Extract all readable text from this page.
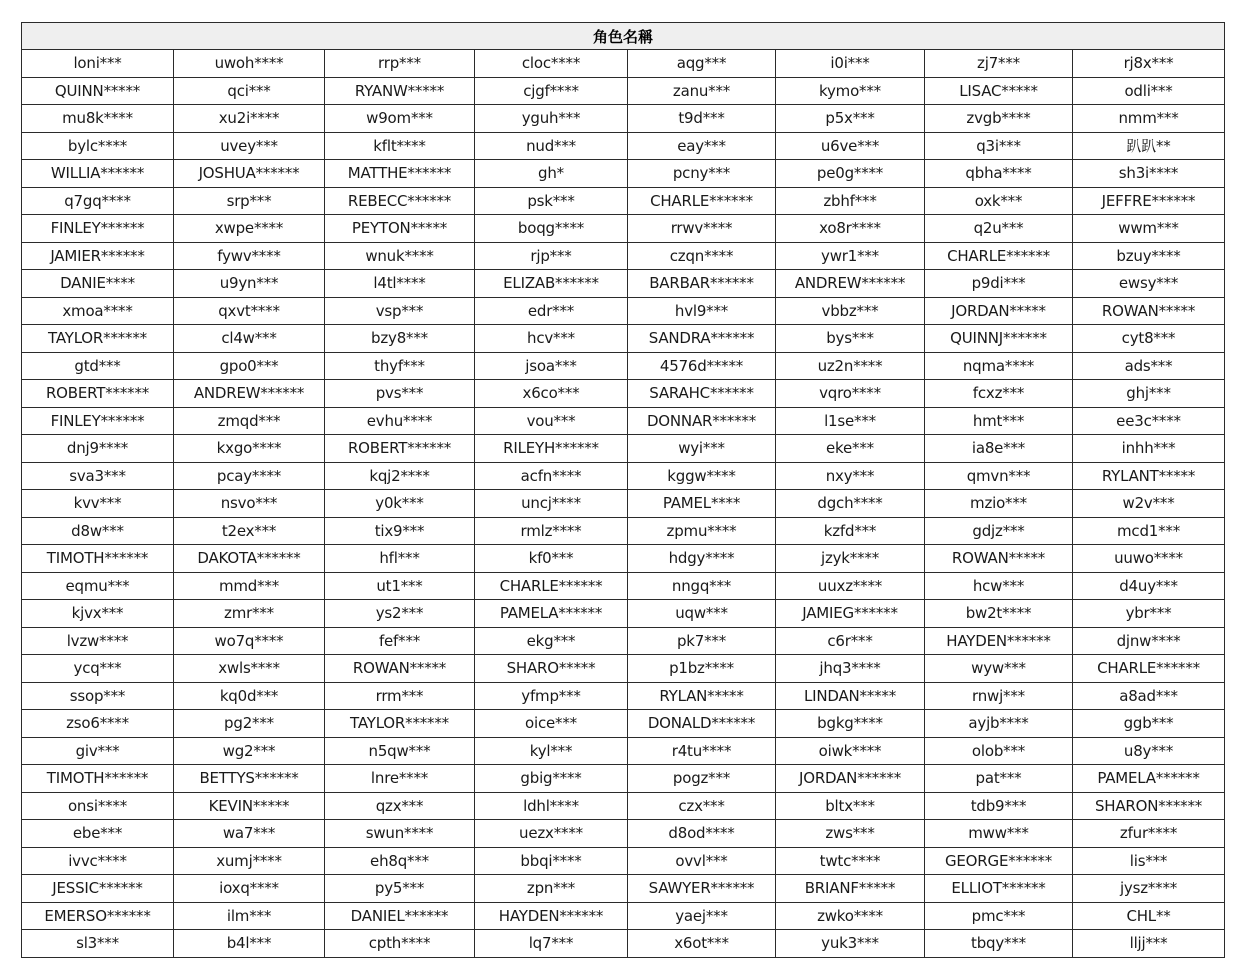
角色名稱							
loni***	uwoh****	rrp***	cloc****	aqg***	i0i***	zj7***	rj8x***
QUINN*****	qci***	RYANW*****	cjgf****	zanu***	kymo***	LISAC*****	odli***
mu8k****	xu2i****	w9om***	yguh***	t9d***	p5x***	zvgb****	nmm***
bylc****	uvey***	kflt****	nud***	eay***	u6ve***	q3i***	趴趴**
WILLIA******	JOSHUA******	MATTHE******	gh*	pcny***	pe0g****	qbha****	sh3i****
q7gq****	srp***	REBECC******	psk***	CHARLE******	zbhf***	oxk***	JEFFRE******
FINLEY******	xwpe****	PEYTON*****	boqg****	rrwv****	xo8r****	q2u***	wwm***
JAMIER******	fywv****	wnuk****	rjp***	czqn****	ywr1***	CHARLE******	bzuy****
DANIE****	u9yn***	l4tl****	ELIZAB******	BARBAR******	ANDREW******	p9di***	ewsy***
xmoa****	qxvt****	vsp***	edr***	hvl9***	vbbz***	JORDAN*****	ROWAN*****
TAYLOR******	cl4w***	bzy8***	hcv***	SANDRA******	bys***	QUINNJ******	cyt8***
gtd***	gpo0***	thyf***	jsoa***	4576d*****	uz2n****	nqma****	ads***
ROBERT******	ANDREW******	pvs***	x6co***	SARAHC******	vqro****	fcxz***	ghj***
FINLEY******	zmqd***	evhu****	vou***	DONNAR******	l1se***	hmt***	ee3c****
dnj9****	kxgo****	ROBERT******	RILEYH******	wyi***	eke***	ia8e***	inhh***
sva3***	pcay****	kqj2****	acfn****	kggw****	nxy***	qmvn***	RYLANT*****
kvv***	nsvo***	y0k***	uncj****	PAMEL****	dgch****	mzio***	w2v***
d8w***	t2ex***	tix9***	rmlz****	zpmu****	kzfd***	gdjz***	mcd1***
TIMOTH******	DAKOTA******	hfl***	kf0***	hdgy****	jzyk****	ROWAN*****	uuwo****
eqmu***	mmd***	ut1***	CHARLE******	nngq***	uuxz****	hcw***	d4uy***
kjvx***	zmr***	ys2***	PAMELA******	uqw***	JAMIEG******	bw2t****	ybr***
lvzw****	wo7q****	fef***	ekg***	pk7***	c6r***	HAYDEN******	djnw****
ycq***	xwls****	ROWAN*****	SHARO*****	p1bz****	jhq3****	wyw***	CHARLE******
ssop***	kq0d***	rrm***	yfmp***	RYLAN*****	LINDAN*****	rnwj***	a8ad***
zso6****	pg2***	TAYLOR******	oice***	DONALD******	bgkg****	ayjb****	ggb***
giv***	wg2***	n5qw***	kyl***	r4tu****	oiwk****	olob***	u8y***
TIMOTH******	BETTYS******	lnre****	gbig****	pogz***	JORDAN******	pat***	PAMELA******
onsi****	KEVIN*****	qzx***	ldhl****	czx***	bltx***	tdb9***	SHARON******
ebe***	wa7***	swun****	uezx****	d8od****	zws***	mww***	zfur****
ivvc****	xumj****	eh8q***	bbqi****	ovvl***	twtc****	GEORGE******	lis***
JESSIC******	ioxq****	py5***	zpn***	SAWYER******	BRIANF*****	ELLIOT******	jysz****
EMERSO******	ilm***	DANIEL******	HAYDEN******	yaej***	zwko****	pmc***	CHL**
sl3***	b4l***	cpth****	lq7***	x6ot***	yuk3***	tbqy***	lljj***
